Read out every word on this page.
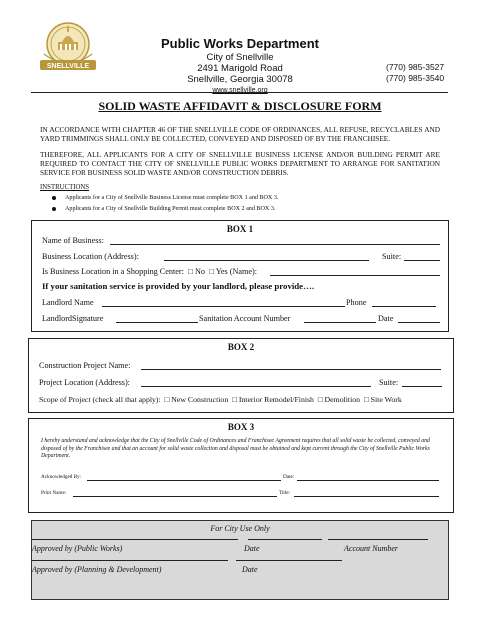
SNELLVILLE
Public Works Department
City of Snellville
2491 Marigold Road
Snellville, Georgia 30078
www.snellville.org
(770) 985-3527
(770) 985-3540
SOLID WASTE AFFIDAVIT & DISCLOSURE FORM
IN ACCORDANCE WITH CHAPTER 46 OF THE SNELLVILLE CODE OF ORDINANCES, ALL REFUSE, RECYCLABLES AND YARD TRIMMINGS SHALL ONLY BE COLLECTED, CONVEYED AND DISPOSED OF BY THE FRANCHISEE.
THEREFORE, ALL APPLICANTS FOR A CITY OF SNELLVILLE BUSINESS LICENSE AND/OR BUILDING PERMIT ARE REQUIRED TO CONTACT THE CITY OF SNELLVILLE PUBLIC WORKS DEPARTMENT TO ARRANGE FOR SANITATION SERVICE FOR BUSINESS SOLID WASTE AND/OR CONSTRUCTION DEBRIS.
INSTRUCTIONS
Applicants for a City of Snellville Business License must complete BOX 1 and BOX 3.
Applicants for a City of Snellville Building Permit must complete BOX 2 and BOX 3.
BOX 1
Name of Business:
Business Location (Address):	Suite:
Is Business Location in a Shopping Center:  □ No  □ Yes (Name):
If your sanitation service is provided by your landlord, please provide….
Landlord Name	Phone
LandlordSignature	Sanitation Account Number	Date
BOX 2
Construction Project Name:
Project Location (Address):	Suite:
Scope of Project (check all that apply):  □ New Construction  □ Interior Remodel/Finish  □ Demolition  □ Site Work
BOX 3
I hereby understand and acknowledge that the City of Snellville Code of Ordinances and Franchisee Agreement requires that all solid waste be collected, conveyed and disposed of by the Franchisee and that an account for solid waste collection and disposal must be obtained and kept current through the City of Snellville Public Works Department.
Acknowledged By:	Date:
Print Name:	Title:
For City Use Only
Approved by (Public Works)	Date	Account Number
Approved by (Planning & Development)	Date
